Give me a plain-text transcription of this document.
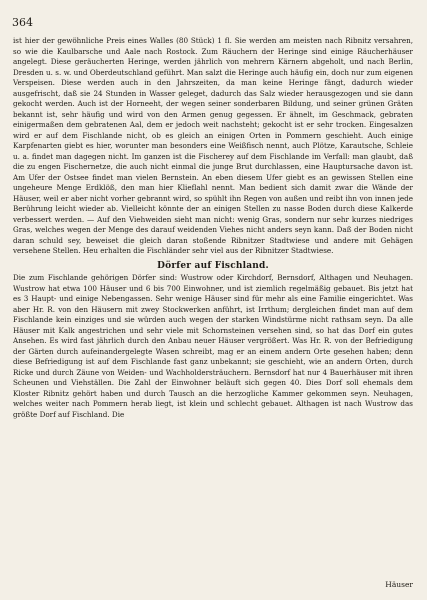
364

ist hier der gewöhnliche Preis eines Walles (80 Stück) 1 fl. Sie werden am meisten nach Ribnitz versahren, so wie die Kaulbarsche und Aale nach Rostock. Zum Räuchern der Heringe sind einige Räucherhäuser angelegt. Diese geräucherten Heringe, werden jährlich von mehrern Kärnern abgeholt, und nach Berlin, Dresden u. s. w. und Oberdeutschland geführt. Man salzt die Heringe auch häufig ein, doch nur zum eigenen Verspeisen. Diese werden auch in den Jahrszeiten, da man keine Heringe fängt, dadurch wieder ausgefrischt, daß sie 24 Stunden in Wasser geleget, dadurch das Salz wieder herausgezogen und sie dann gekocht werden. Auch ist der Horneeht, der wegen seiner sonderbaren Bildung, und seiner grünen Gräten bekannt ist, sehr häufig und wird von den Armen genug gegessen. Er ähnelt, im Geschmack, gebraten einigermaßen dem gebratenen Aal, dem er jedoch weit nachsteht; gekocht ist er sehr trocken. Eingesalzen wird er auf dem Fischlande nicht, ob es gleich an einigen Orten in Pommern geschieht. Auch einige Karpfenarten giebt es hier, worunter man besonders eine Weißfisch nennt, auch Plötze, Karautsche, Schleie u. a. findet man dagegen nicht. Im ganzen ist die Fischerey auf dem Fischlande im Verfall: man glaubt, daß die zu engen Fischernetze, die auch nicht einmal die junge Brut durchlassen, eine Hauptursache davon ist. Am Ufer der Ostsee findet man vielen Bernstein. An eben diesem Ufer giebt es an gewissen Stellen eine ungeheure Menge Erdklöß, den man hier Klieflahl nennt. Man bedient sich damit zwar die Wände der Häuser, weil er aber nicht vorher gebrannt wird, so spühlt ihn Regen von außen und reibt ihn von innen jede Berührung leicht wieder ab. Vielleicht könnte der an einigen Stellen zu nasse Boden durch diese Kalkerde verbessert werden. — Auf den Viehweiden sieht man nicht: wenig Gras, sondern nur sehr kurzes niedriges Gras, welches wegen der Menge des darauf weidenden Viehes nicht anders seyn kann. Daß der Boden nicht daran schuld sey, beweiset die gleich daran stoßende Ribnitzer Stadtwiese und andere mit Gehägen versehene Stellen. Heu erhalten die Fischländer sehr viel aus der Ribnitzer Stadtwiese.

Dörfer auf Fischland.

Die zum Fischlande gehörigen Dörfer sind: Wustrow oder Kirchdorf, Bernsdorf, Althagen und Neuhagen. Wustrow hat etwa 100 Häuser und 6 bis 700 Einwohner, und ist ziemlich regelmäßig gebauet. Bis jetzt hat es 3 Haupt- und einige Nebengassen. Sehr wenige Häuser sind für mehr als eine Familie eingerichtet. Was aber Hr. R. von den Häusern mit zwey Stockwerken anführt, ist Irrthum; dergleichen findet man auf dem Fischlande kein einziges und sie würden auch wegen der starken Windstürme nicht rathsam seyn. Da alle Häuser mit Kalk angestrichen und sehr viele mit Schornsteinen versehen sind, so hat das Dorf ein gutes Ansehen. Es wird fast jährlich durch den Anbau neuer Häuser vergrößert. Was Hr. R. von der Befriedigung der Gärten durch aufeinandergelegte Wasen schreibt, mag er an einem andern Orte gesehen haben; denn diese Befriedigung ist auf dem Fischlande fast ganz unbekannt; sie geschieht, wie an andern Orten, durch Ricke und durch Zäune von Weiden- und Wachholdersträuchern. Bernsdorf hat nur 4 Bauerhäuser mit ihren Scheunen und Viehställen. Die Zahl der Einwohner beläuft sich gegen 40. Dies Dorf soll ehemals dem Kloster Ribnitz gehört haben und durch Tausch an die herzogliche Kammer gekommen seyn. Neuhagen, welches weiter nach Pommern herab liegt, ist klein und schlecht gebauet. Althagen ist nach Wustrow das größte Dorf auf Fischland. Die

Häuser
